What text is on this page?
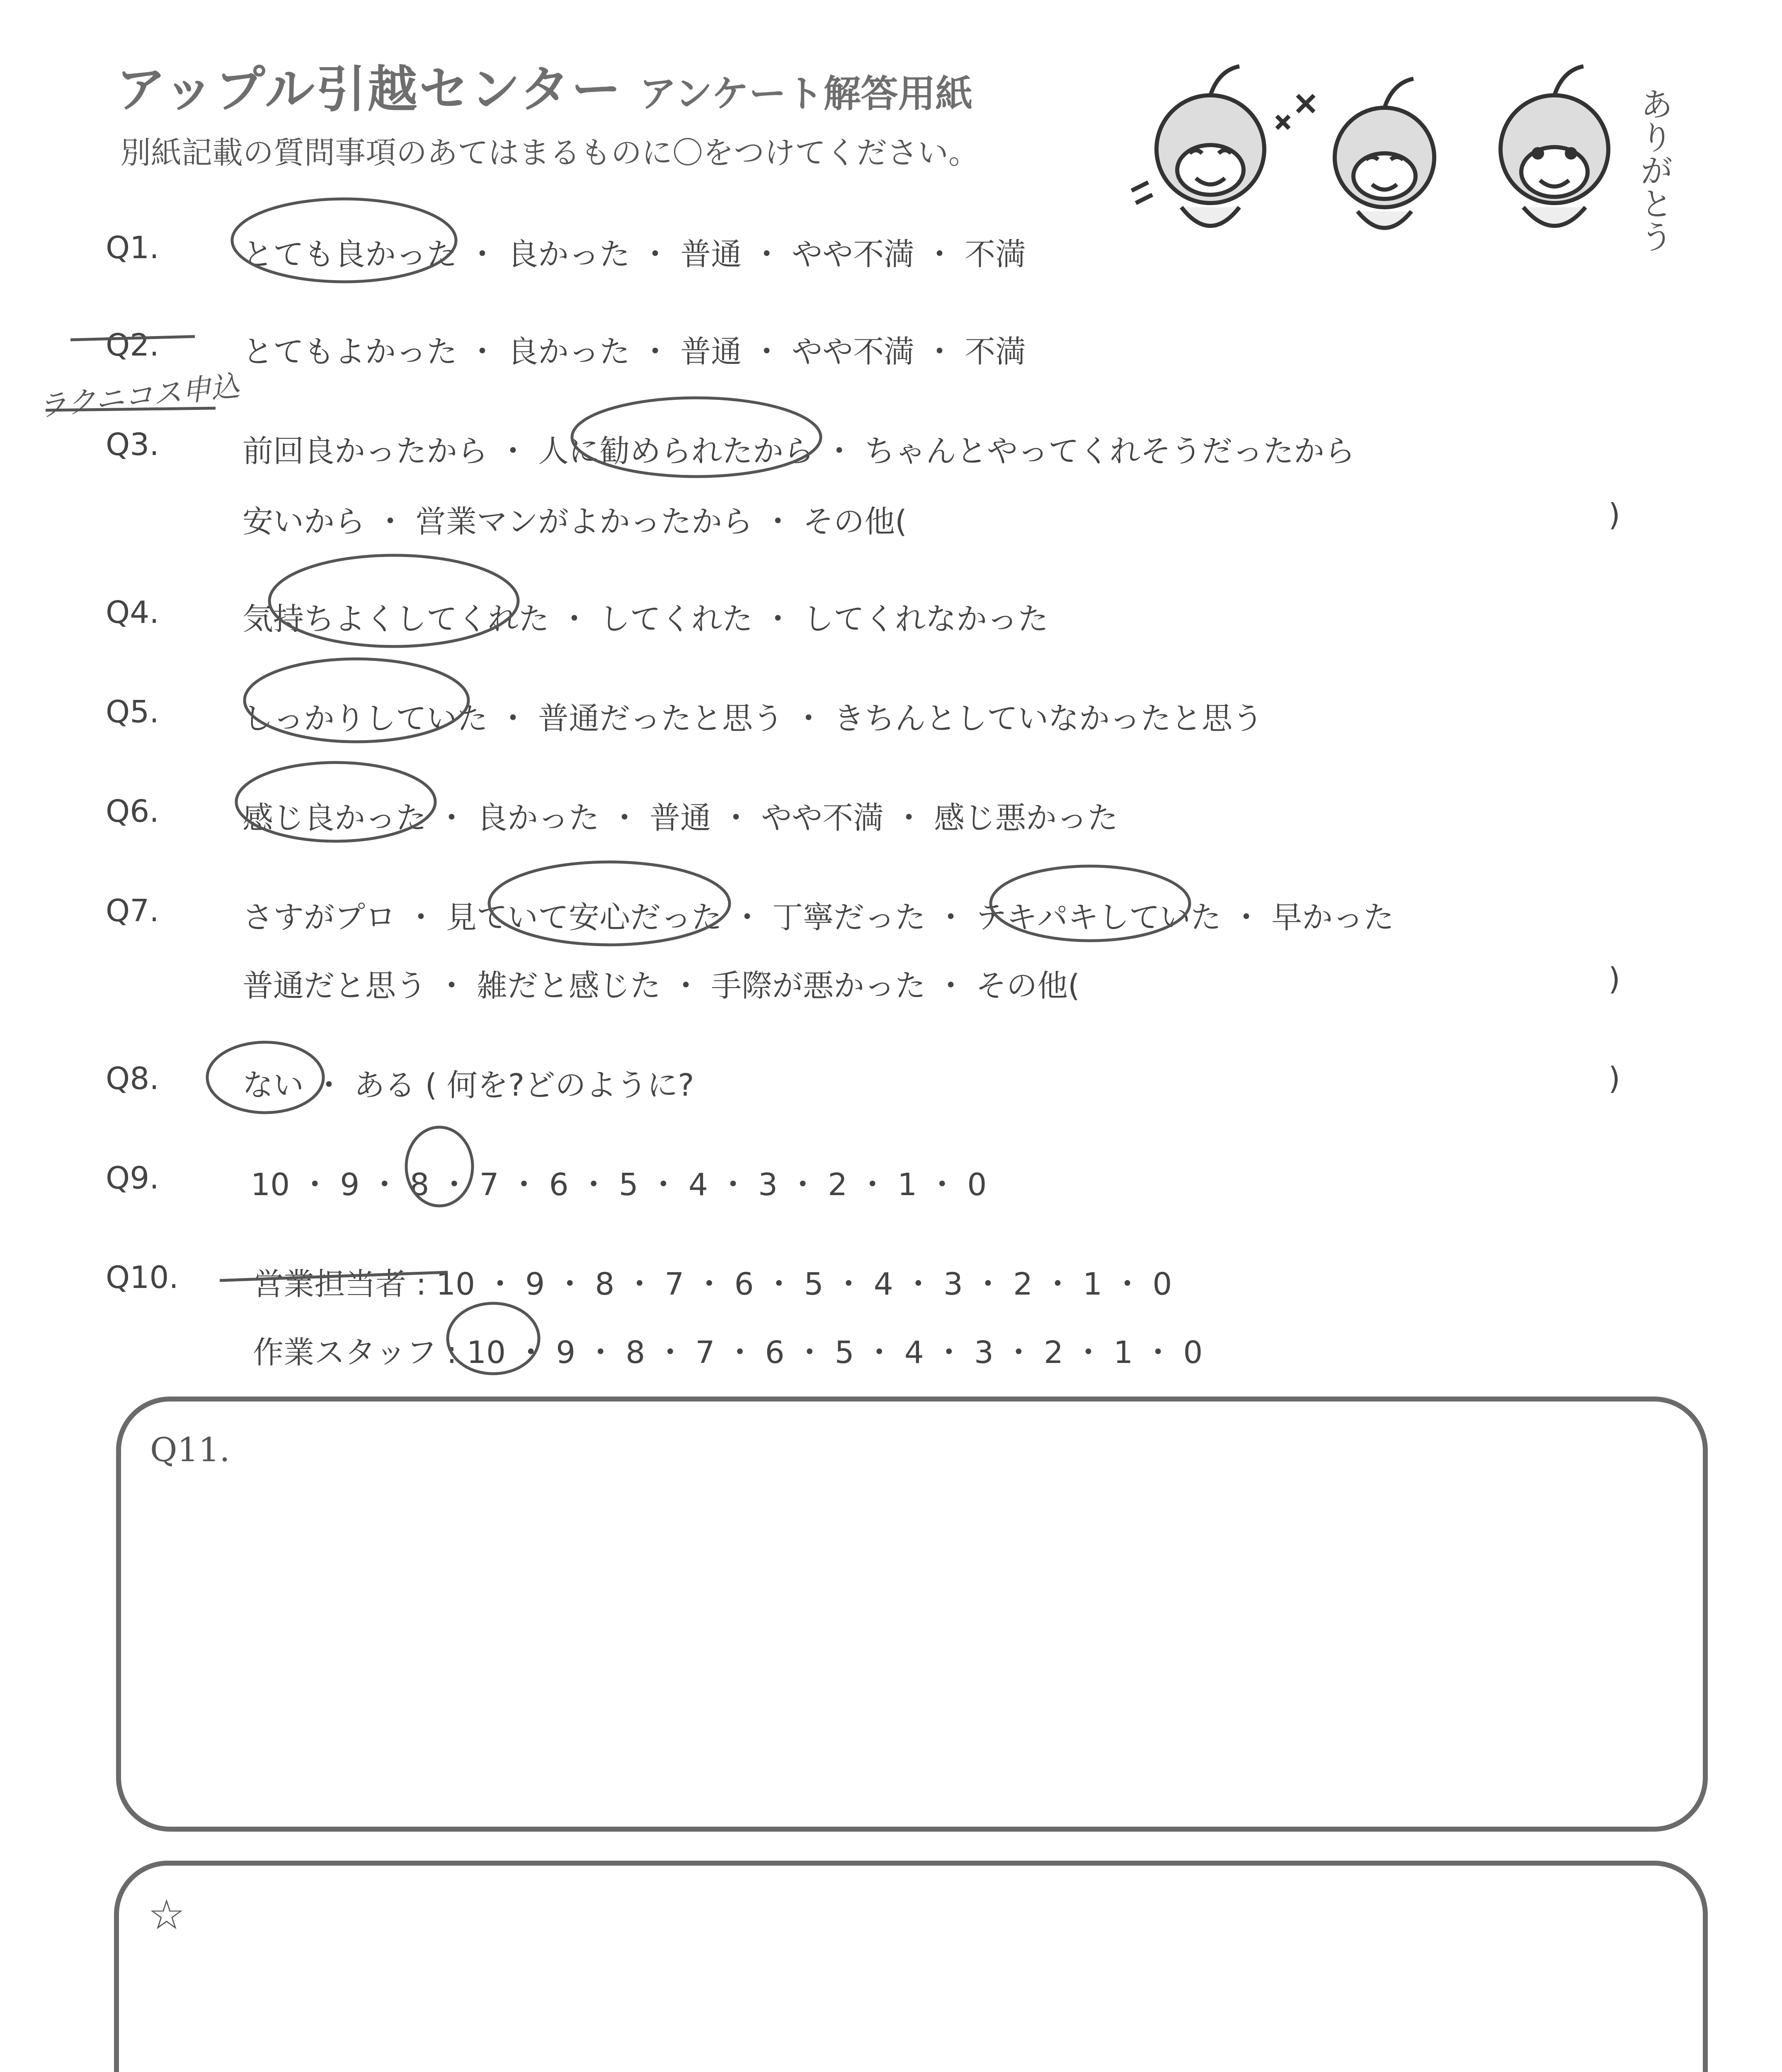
アップル引越センター アンケート解答用紙
別紙記載の質問事項のあてはまるものに〇をつけてください。	ありがとう
Q1.	とても良かった ・ 良かった ・ 普通 ・ やや不満 ・ 不満
Q2.	とてもよかった ・ 良かった ・ 普通 ・ やや不満 ・ 不満
ラクニコス申込
Q3.	前回良かったから ・ 人に勧められたから ・ ちゃんとやってくれそうだったから
安いから ・ 営業マンがよかったから ・ その他(	)
Q4.	気持ちよくしてくれた ・ してくれた ・ してくれなかった
Q5.	しっかりしていた ・ 普通だったと思う ・ きちんとしていなかったと思う
Q6.	感じ良かった ・ 良かった ・ 普通 ・ やや不満 ・ 感じ悪かった
Q7.	さすがプロ ・ 見ていて安心だった ・ 丁寧だった ・ テキパキしていた ・ 早かった
普通だと思う ・ 雑だと感じた ・ 手際が悪かった ・ その他(	)
Q8.	ない ・ ある ( 何を?どのように?	)
Q9.	10 ・ 9 ・ 8 ・ 7 ・ 6 ・ 5 ・ 4 ・ 3 ・ 2 ・ 1 ・ 0
Q10. 営業担当者 : 10 ・ 9 ・ 8 ・ 7 ・ 6 ・ 5 ・ 4 ・ 3 ・ 2 ・ 1 ・ 0
作業スタッフ : 10 ・ 9 ・ 8 ・ 7 ・ 6 ・ 5 ・ 4 ・ 3 ・ 2 ・ 1 ・ 0
Q11.
☆
